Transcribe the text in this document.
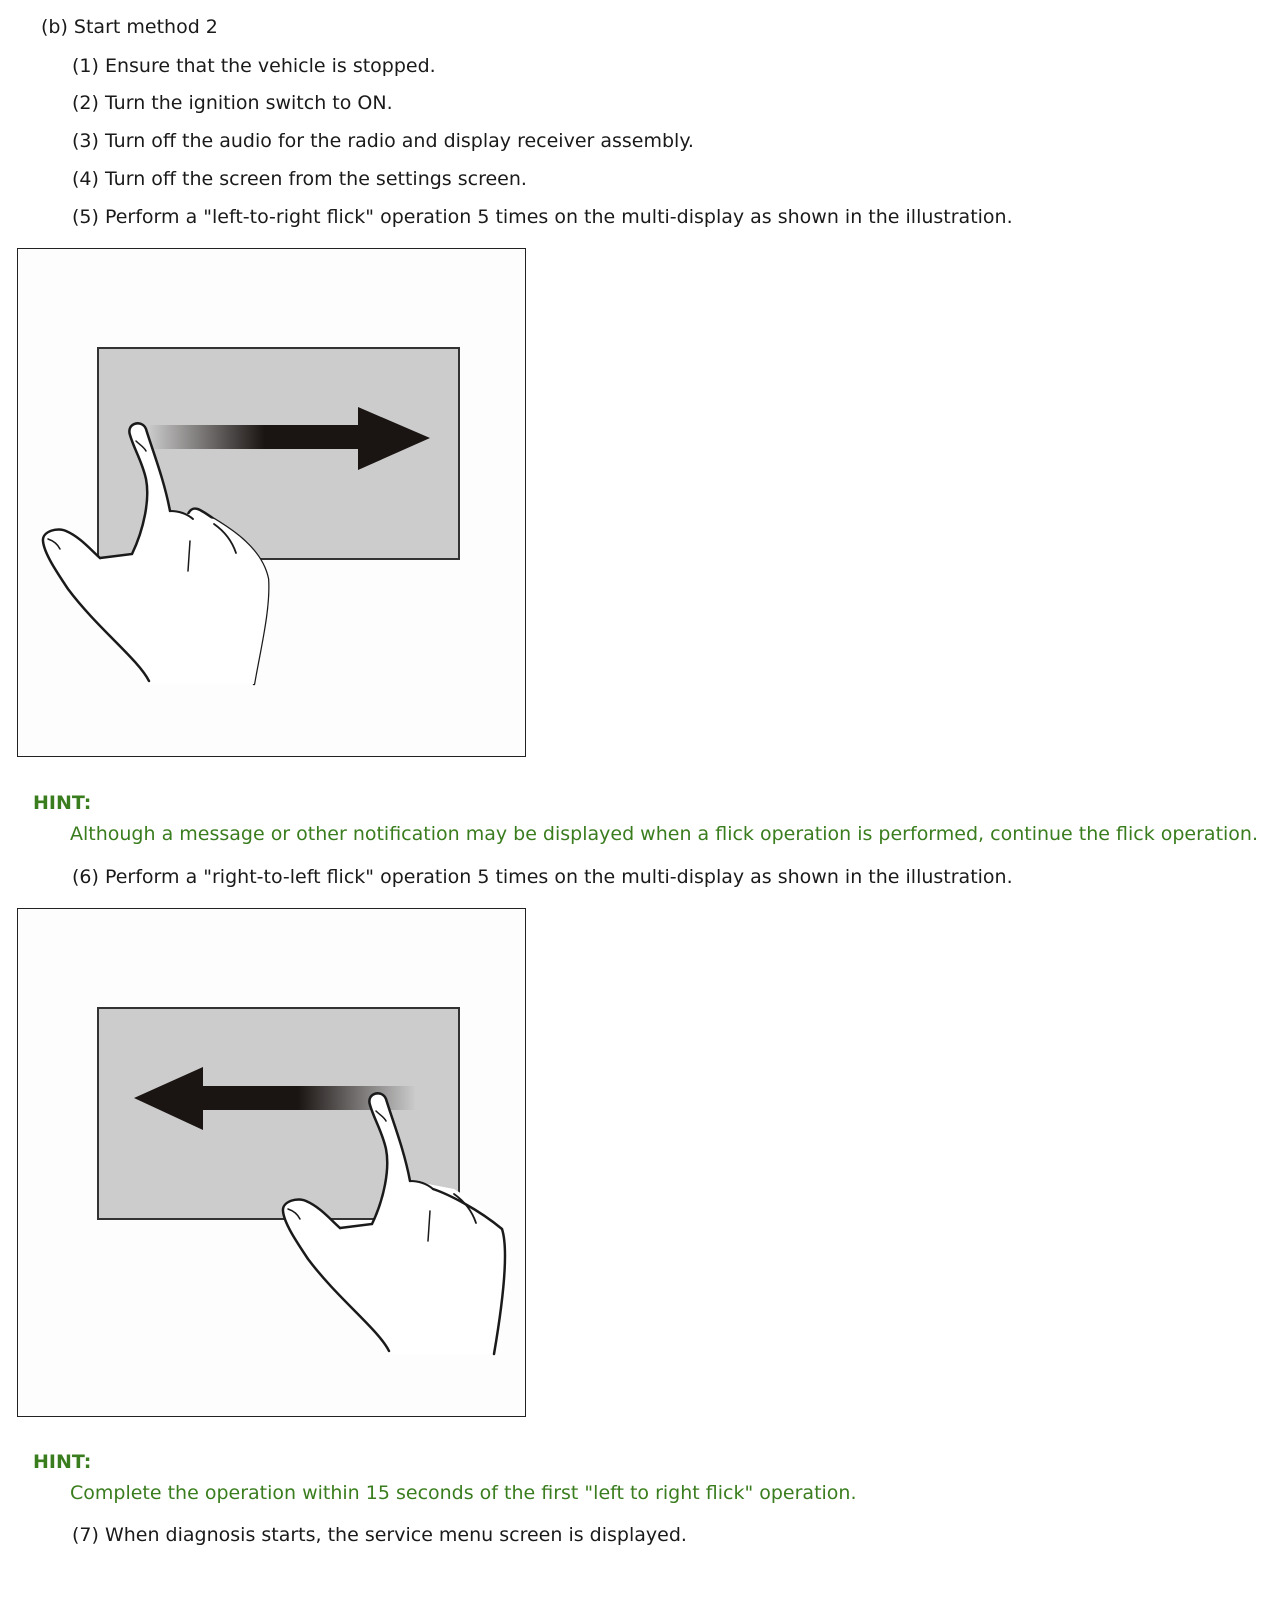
(b) Start method 2
(1) Ensure that the vehicle is stopped.
(2) Turn the ignition switch to ON.
(3) Turn off the audio for the radio and display receiver assembly.
(4) Turn off the screen from the settings screen.
(5) Perform a "left-to-right flick" operation 5 times on the multi-display as shown in the illustration.
HINT:
Although a message or other notification may be displayed when a flick operation is performed, continue the flick operation.
(6) Perform a "right-to-left flick" operation 5 times on the multi-display as shown in the illustration.
HINT:
Complete the operation within 15 seconds of the first "left to right flick" operation.
(7) When diagnosis starts, the service menu screen is displayed.
